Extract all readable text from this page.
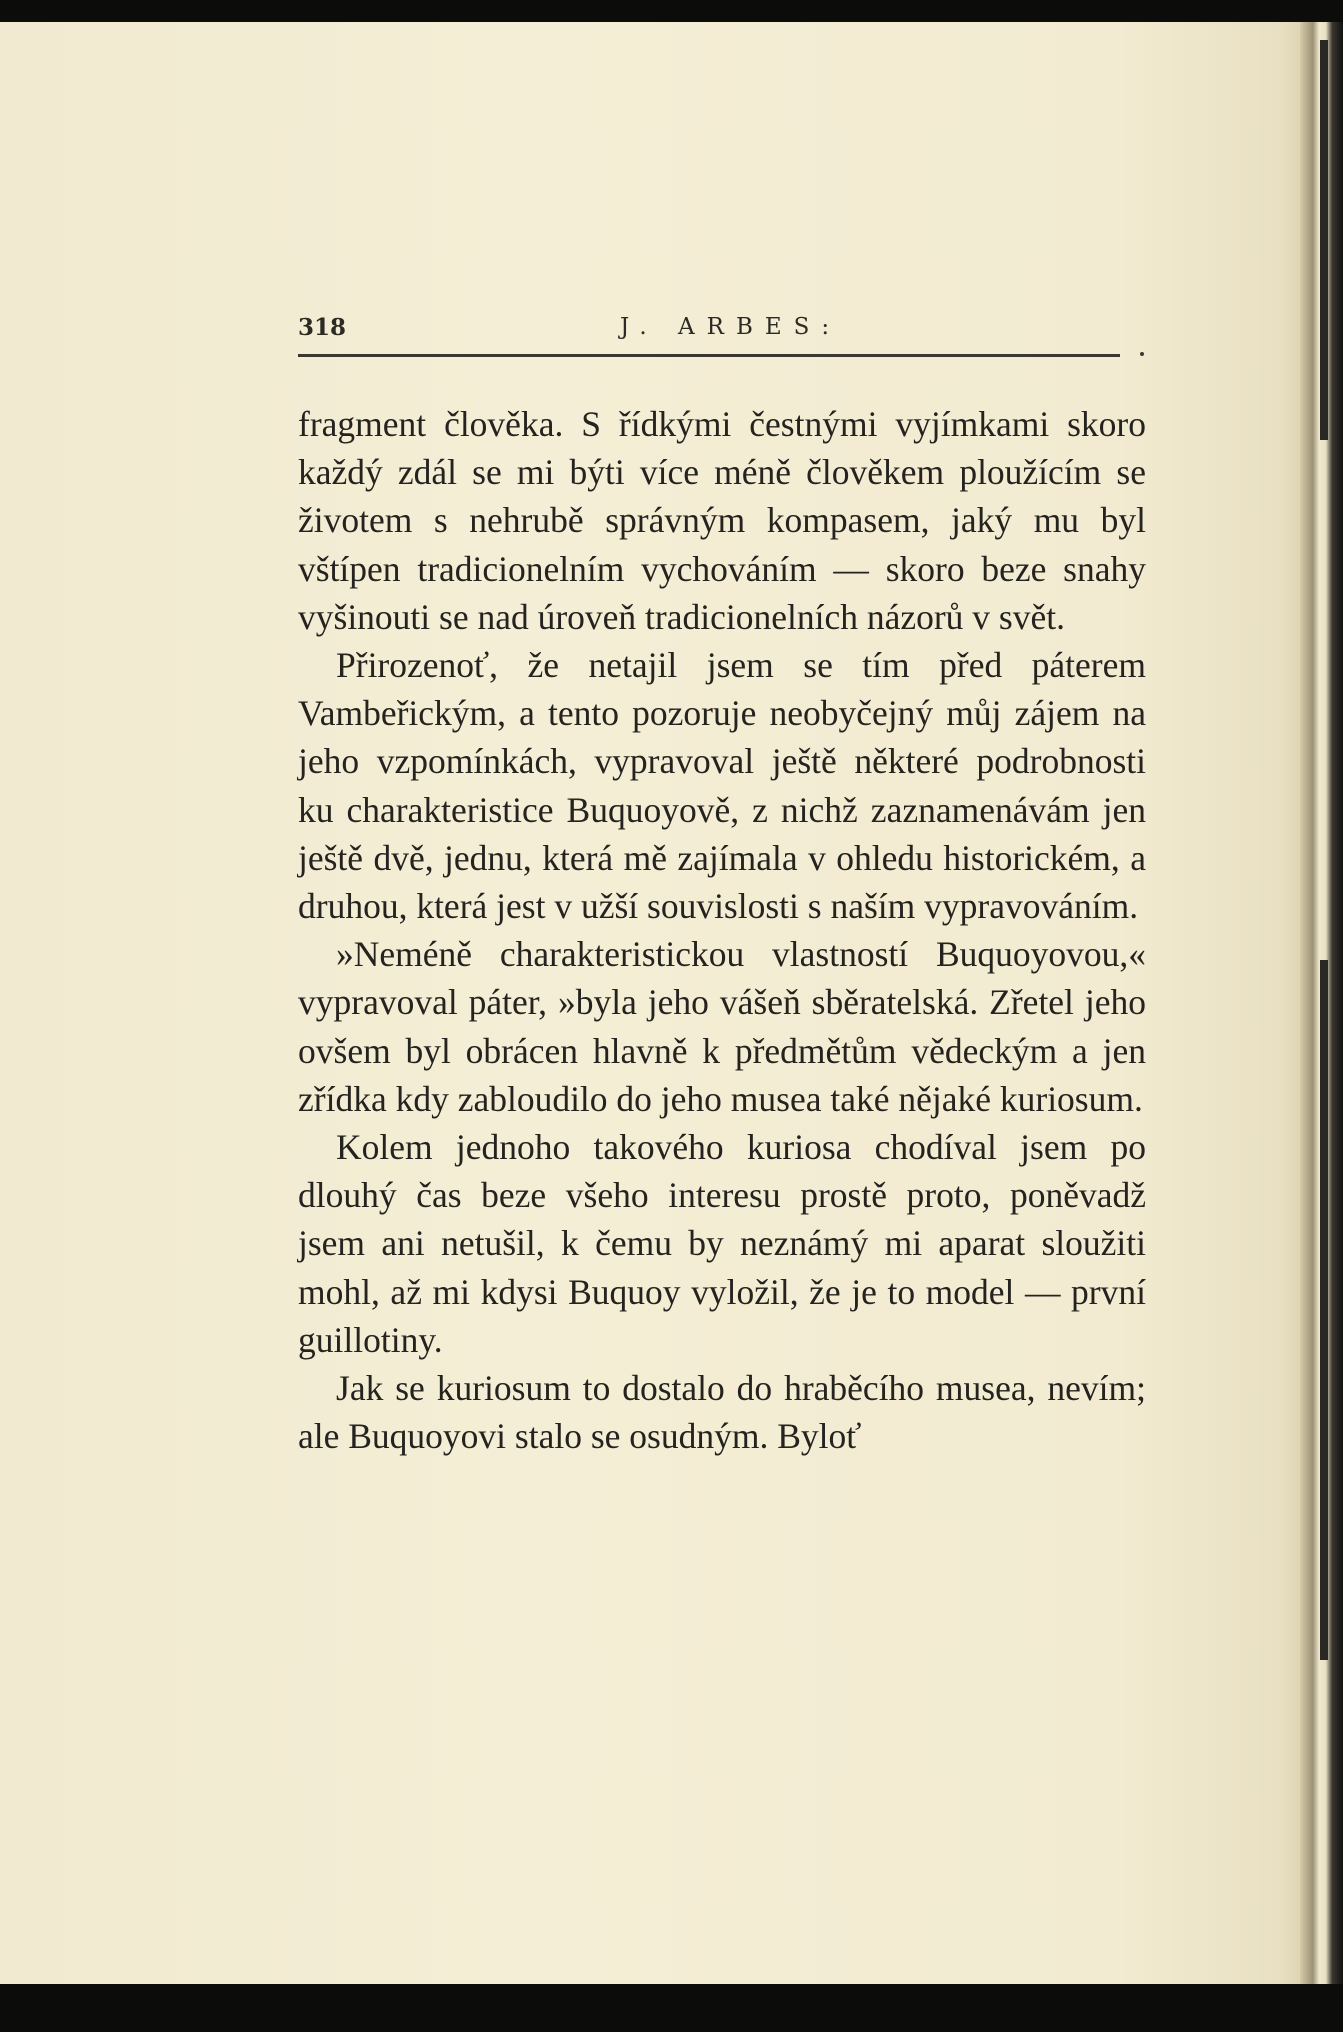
318	J. ARBES:

fragment člověka. S řídkými čestnými vyjímkami skoro každý zdál se mi býti více méně člověkem ploužícím se životem s nehrubě správným kompasem, jaký mu byl vštípen tradicionelním vychováním — skoro beze snahy vyšinouti se nad úroveň tradicionelních názorů v svět.

Přirozenoť, že netajil jsem se tím před páterem Vambeřickým, a tento pozoruje neobyčejný můj zájem na jeho vzpomínkách, vypravoval ještě některé podrobnosti ku charakteristice Buquoyově, z nichž zaznamenávám jen ještě dvě, jednu, která mě zajímala v ohledu historickém, a druhou, která jest v užší souvislosti s naším vypravováním.

»Neméně charakteristickou vlastností Buquoyovou,« vypravoval páter, »byla jeho vášeň sběratelská. Zřetel jeho ovšem byl obrácen hlavně k předmětům vědeckým a jen zřídka kdy zabloudilo do jeho musea také nějaké kuriosum.

Kolem jednoho takového kuriosa chodíval jsem po dlouhý čas beze všeho interesu prostě proto, poněvadž jsem ani netušil, k čemu by neznámý mi aparat sloužiti mohl, až mi kdysi Buquoy vyložil, že je to model — první guillotiny.

Jak se kuriosum to dostalo do hraběcího musea, nevím; ale Buquoyovi stalo se osudným. Byloť
